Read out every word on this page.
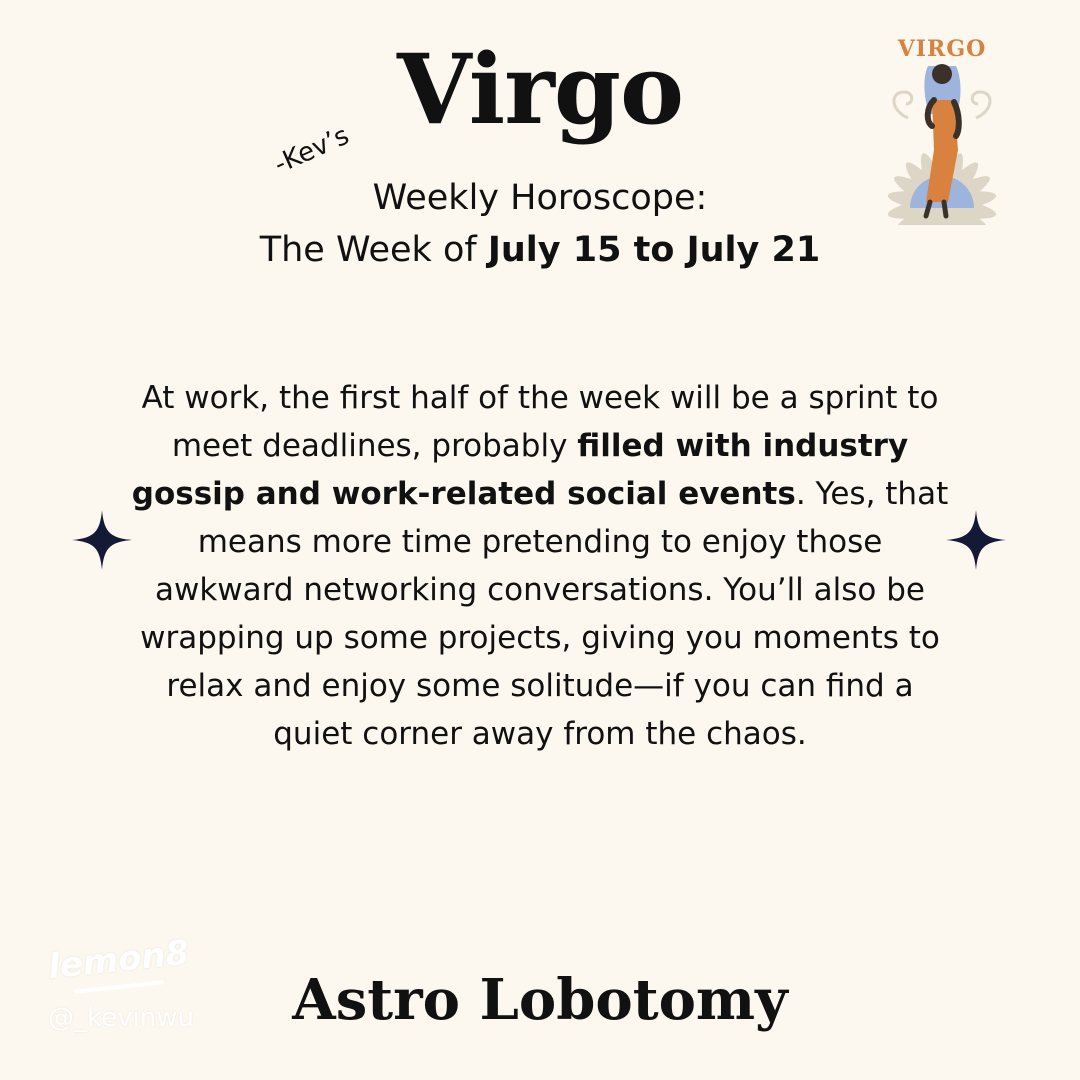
Virgo
-Kev’s
Weekly Horoscope:
The Week of July 15 to July 21
VIRGO

At work, the first half of the week will be a sprint to meet deadlines, probably filled with industry gossip and work-related social events. Yes, that means more time pretending to enjoy those awkward networking conversations. You’ll also be wrapping up some projects, giving you moments to relax and enjoy some solitude—if you can find a quiet corner away from the chaos.

Astro Lobotomy
lemon8
@_kevinwu
